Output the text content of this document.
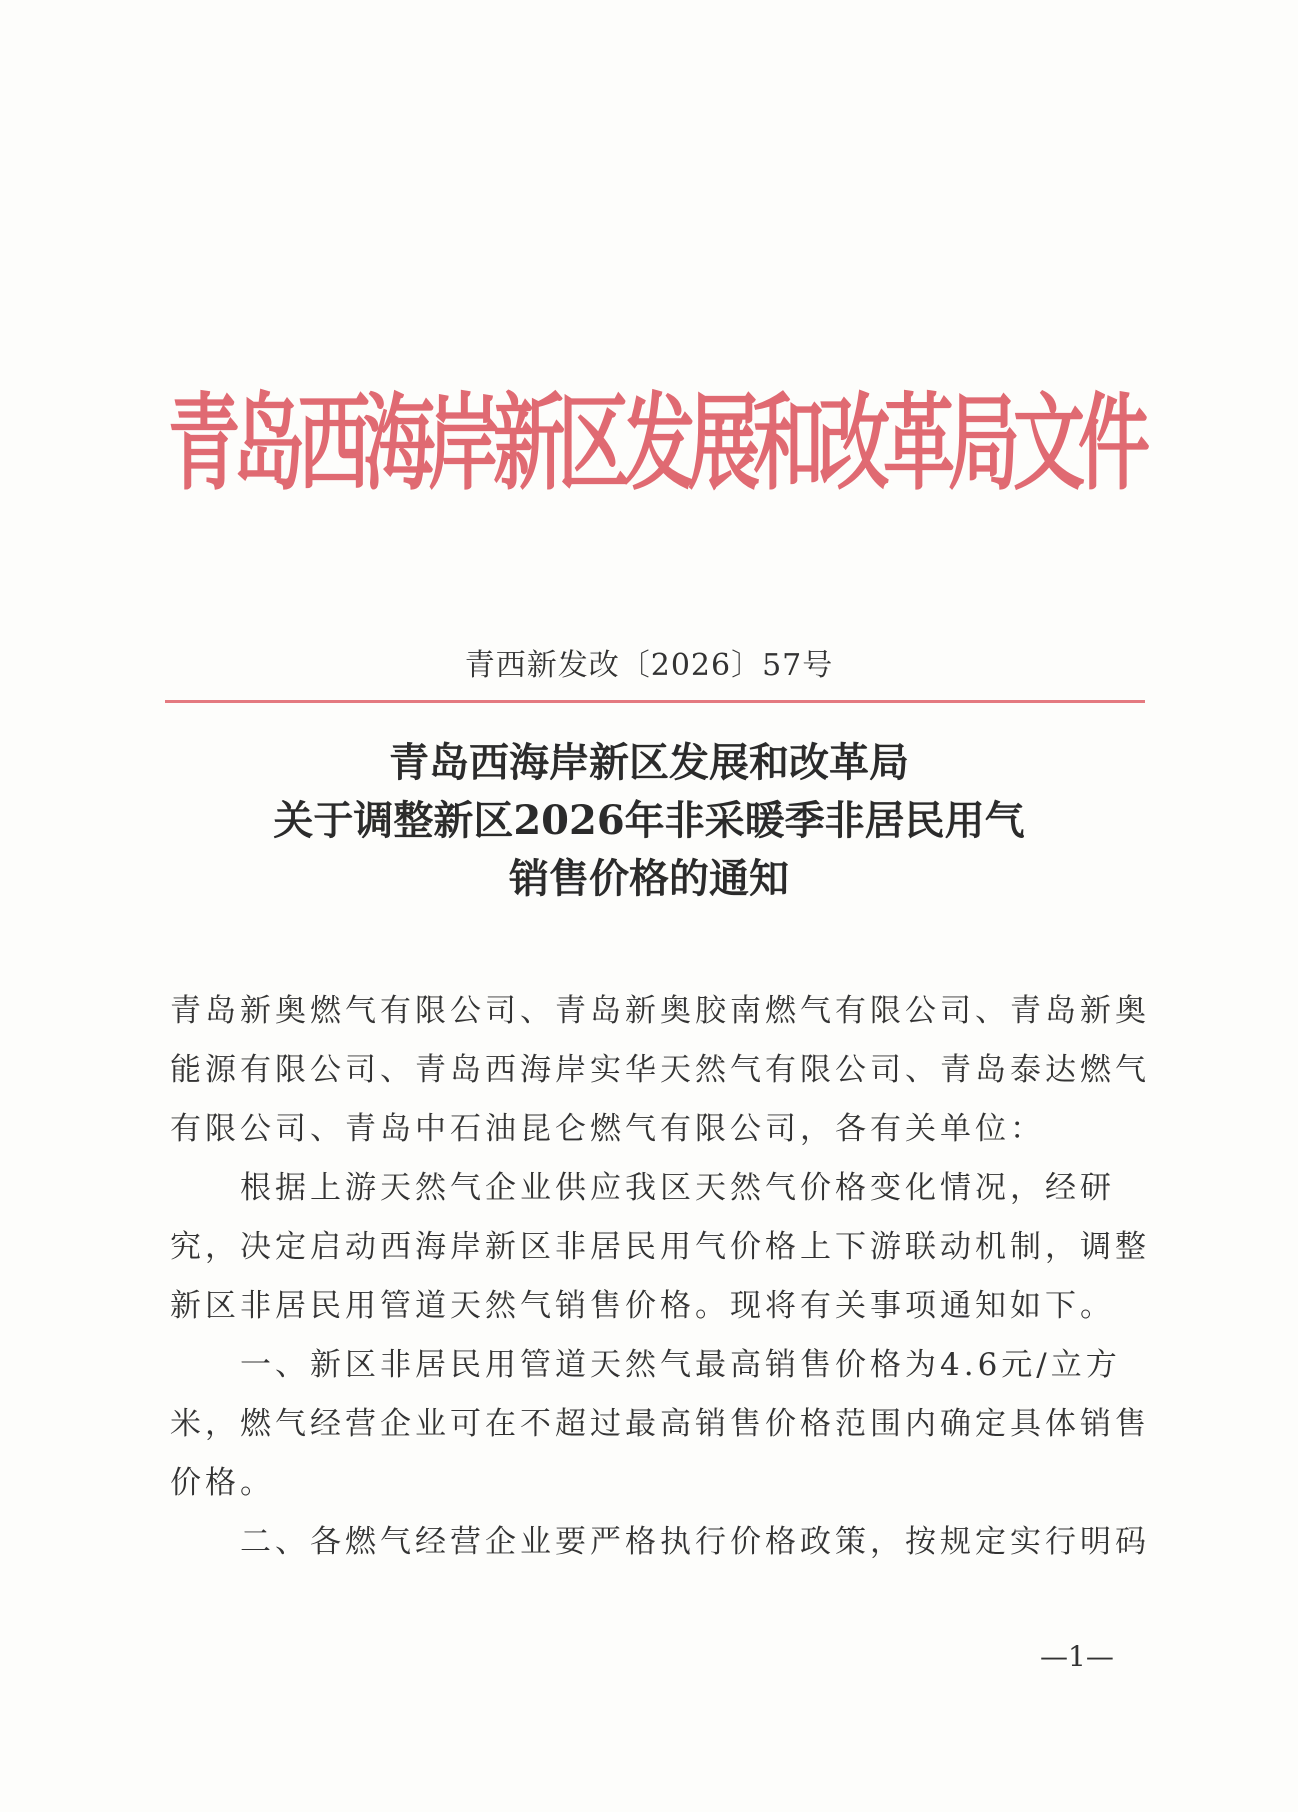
青岛西海岸新区发展和改革局文件
青西新发改〔2026〕57号
青岛西海岸新区发展和改革局
关于调整新区2026年非采暖季非居民用气
销售价格的通知
青岛新奥燃气有限公司、青岛新奥胶南燃气有限公司、青岛新奥
能源有限公司、青岛西海岸实华天然气有限公司、青岛泰达燃气
有限公司、青岛中石油昆仑燃气有限公司，各有关单位：
根据上游天然气企业供应我区天然气价格变化情况，经研
究，决定启动西海岸新区非居民用气价格上下游联动机制，调整
新区非居民用管道天然气销售价格。现将有关事项通知如下。
一、新区非居民用管道天然气最高销售价格为4.6元/立方
米，燃气经营企业可在不超过最高销售价格范围内确定具体销售
价格。
二、各燃气经营企业要严格执行价格政策，按规定实行明码
—1—
